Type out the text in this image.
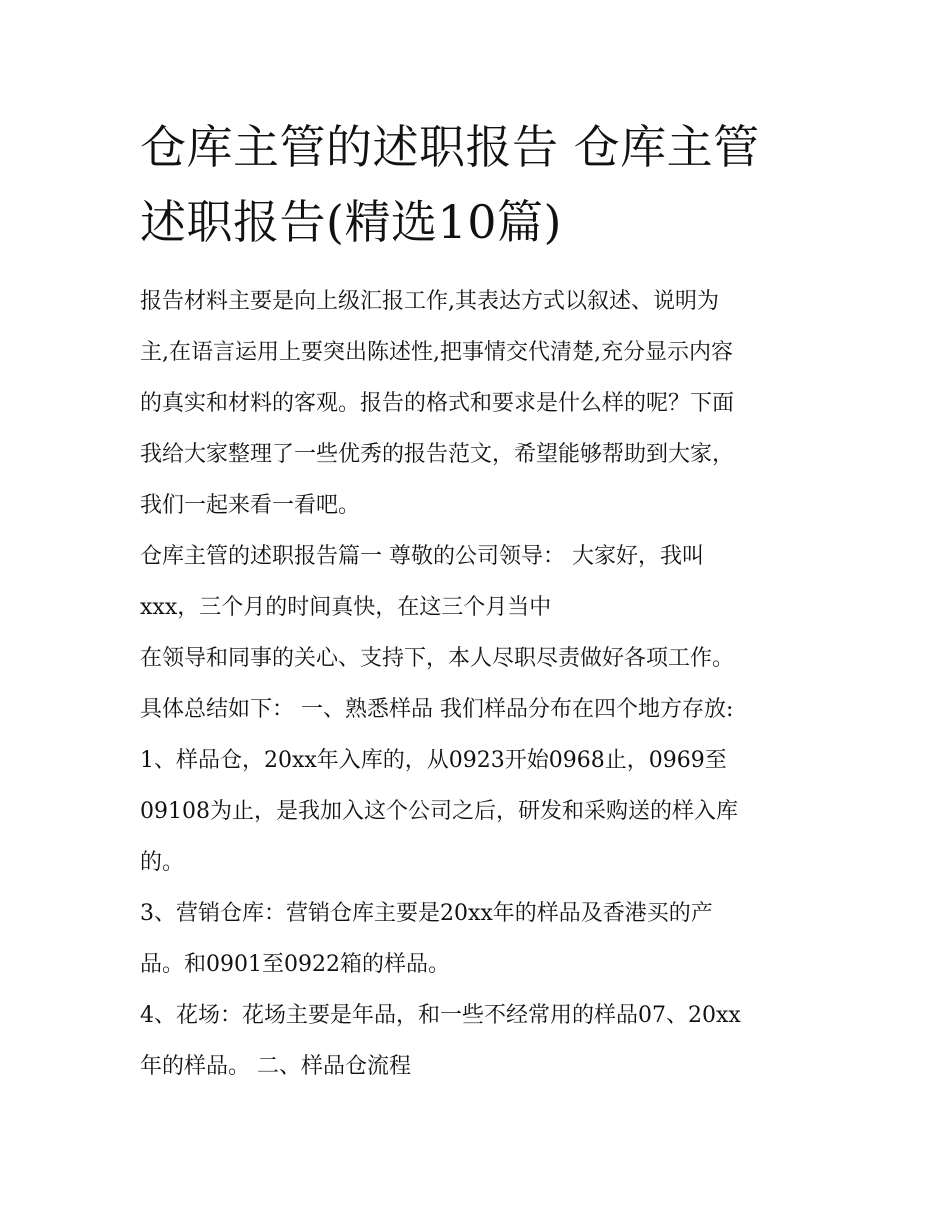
仓库主管的述职报告 仓库主管
述职报告(精选10篇)
报告材料主要是向上级汇报工作,其表达方式以叙述、说明为
主,在语言运用上要突出陈述性,把事情交代清楚,充分显示内容
的真实和材料的客观。报告的格式和要求是什么样的呢？下面
我给大家整理了一些优秀的报告范文，希望能够帮助到大家，
我们一起来看一看吧。
仓库主管的述职报告篇一 尊敬的公司领导： 大家好，我叫
xxx，三个月的时间真快，在这三个月当中
在领导和同事的关心、支持下，本人尽职尽责做好各项工作。
具体总结如下： 一、熟悉样品 我们样品分布在四个地方存放:
1、样品仓，20xx年入库的，从0923开始0968止，0969至
09108为止，是我加入这个公司之后，研发和采购送的样入库
的。
3、营销仓库：营销仓库主要是20xx年的样品及香港买的产
品。和0901至0922箱的样品。
4、花场：花场主要是年品，和一些不经常用的样品07、20xx
年的样品。 二、样品仓流程
